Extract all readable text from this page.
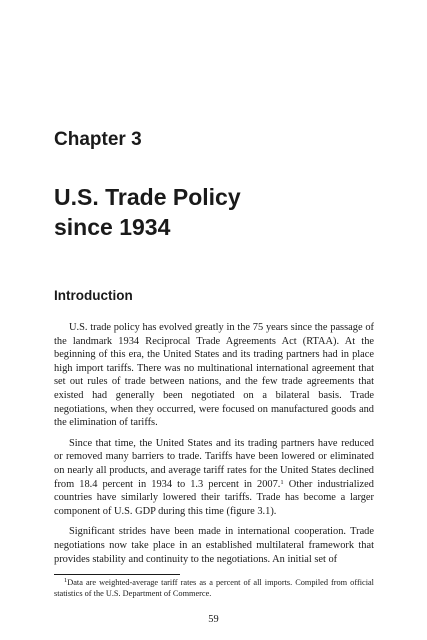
Chapter 3
U.S. Trade Policy
since 1934
Introduction

U.S. trade policy has evolved greatly in the 75 years since the passage of the landmark 1934 Reciprocal Trade Agreements Act (RTAA). At the beginning of this era, the United States and its trading partners had in place high import tariffs. There was no multinational international agreement that set out rules of trade between nations, and the few trade agreements that existed had generally been negotiated on a bilateral basis. Trade negotiations, when they occurred, were focused on manufactured goods and the elimination of tariffs.

Since that time, the United States and its trading partners have reduced or removed many barriers to trade. Tariffs have been lowered or eliminated on nearly all products, and average tariff rates for the United States declined from 18.4 percent in 1934 to 1.3 percent in 2007.$^1$ Other industrialized countries have similarly lowered their tariffs. Trade has become a larger component of U.S. GDP during this time (figure 3.1).

Significant strides have been made in international cooperation. Trade negotiations now take place in an established multilateral framework that provides stability and continuity to the negotiations. An initial set of

$^1$Data are weighted-average tariff rates as a percent of all imports. Compiled from official statistics of the U.S. Department of Commerce.
59
